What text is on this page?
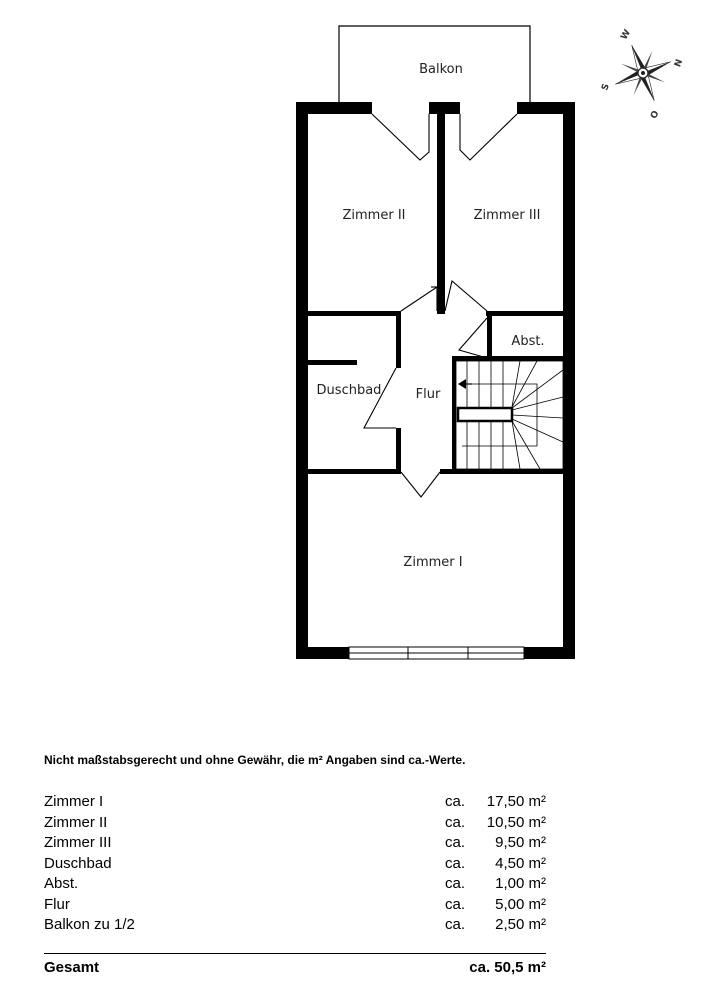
Balkon
Zimmer II	Zimmer III
Abst.
Duschbad	Flur
Zimmer I
W
N
S
O
Nicht maßstabsgerecht und ohne Gewähr, die m² Angaben sind ca.-Werte.
Zimmer I	ca. 17,50 m²
Zimmer II	ca. 10,50 m²
Zimmer III	ca. 9,50 m²
Duschbad	ca. 4,50 m²
Abst.	ca. 1,00 m²
Flur	ca. 5,00 m²
Balkon zu 1/2	ca. 2,50 m²
Gesamt	ca. 50,5 m²
